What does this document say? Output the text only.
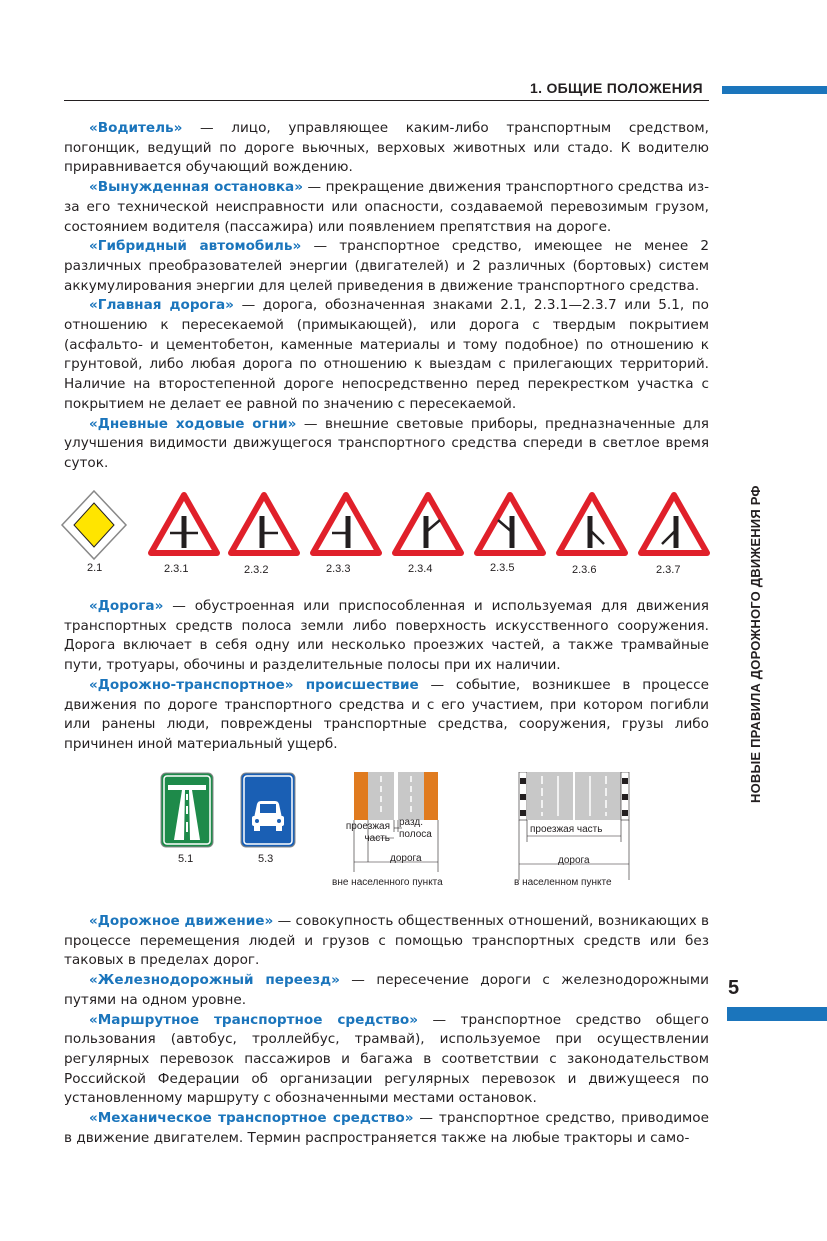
1. ОБЩИЕ ПОЛОЖЕНИЯ
НОВЫЕ ПРАВИЛА ДОРОЖНОГО ДВИЖЕНИЯ РФ
5

«Водитель» — лицо, управляющее каким-либо транспортным средством, погонщик, ведущий по дороге вьючных, верховых животных или стадо. К водителю приравнивается обучающий вождению.

«Вынужденная остановка» — прекращение движения транспортного средства из-за его технической неисправности или опасности, создаваемой перевозимым грузом, состоянием водителя (пассажира) или появлением препятствия на дороге.

«Гибридный автомобиль» — транспортное средство, имеющее не менее 2 различных преобразователей энергии (двигателей) и 2 различных (бортовых) систем аккумулирования энергии для целей приведения в движение транспортного средства.

«Главная дорога» — дорога, обозначенная знаками 2.1, 2.3.1—2.3.7 или 5.1, по отношению к пересекаемой (примыкающей), или дорога с твердым покрытием (асфальто- и цементобетон, каменные материалы и тому подобное) по отношению к грунтовой, либо любая дорога по отношению к выездам с прилегающих территорий. Наличие на второстепенной дороге непосредственно перед перекрестком участка с покрытием не делает ее равной по значению с пересекаемой.

«Дневные ходовые огни» — внешние световые приборы, предназначенные для улучшения видимости движущегося транспортного средства спереди в светлое время суток.

2.1	2.3.1	2.3.2	2.3.3	2.3.4	2.3.5	2.3.6	2.3.7

«Дорога» — обустроенная или приспособленная и используемая для движения транспортных средств полоса земли либо поверхность искусственного сооружения. Дорога включает в себя одну или несколько проезжих частей, а также трамвайные пути, тротуары, обочины и разделительные полосы при их наличии.

«Дорожно-транспортное» происшествие — событие, возникшее в процессе движения по дороге транспортного средства и с его участием, при котором погибли или ранены люди, повреждены транспортные средства, сооружения, грузы либо причинен иной материальный ущерб.

5.1	5.3
проезжая часть
разд. полоса
дорога
вне населенного пункта
проезжая часть
дорога
в населенном пункте

«Дорожное движение» — совокупность общественных отношений, возникающих в процессе перемещения людей и грузов с помощью транспортных средств или без таковых в пределах дорог.

«Железнодорожный переезд» — пересечение дороги с железнодорожными путями на одном уровне.

«Маршрутное транспортное средство» — транспортное средство общего пользования (автобус, троллейбус, трамвай), используемое при осуществлении регулярных перевозок пассажиров и багажа в соответствии с законодательством Российской Федерации об организации регулярных перевозок и движущееся по установленному маршруту с обозначенными местами остановок.

«Механическое транспортное средство» — транспортное средство, приводимое в движение двигателем. Термин распространяется также на любые тракторы и само-
